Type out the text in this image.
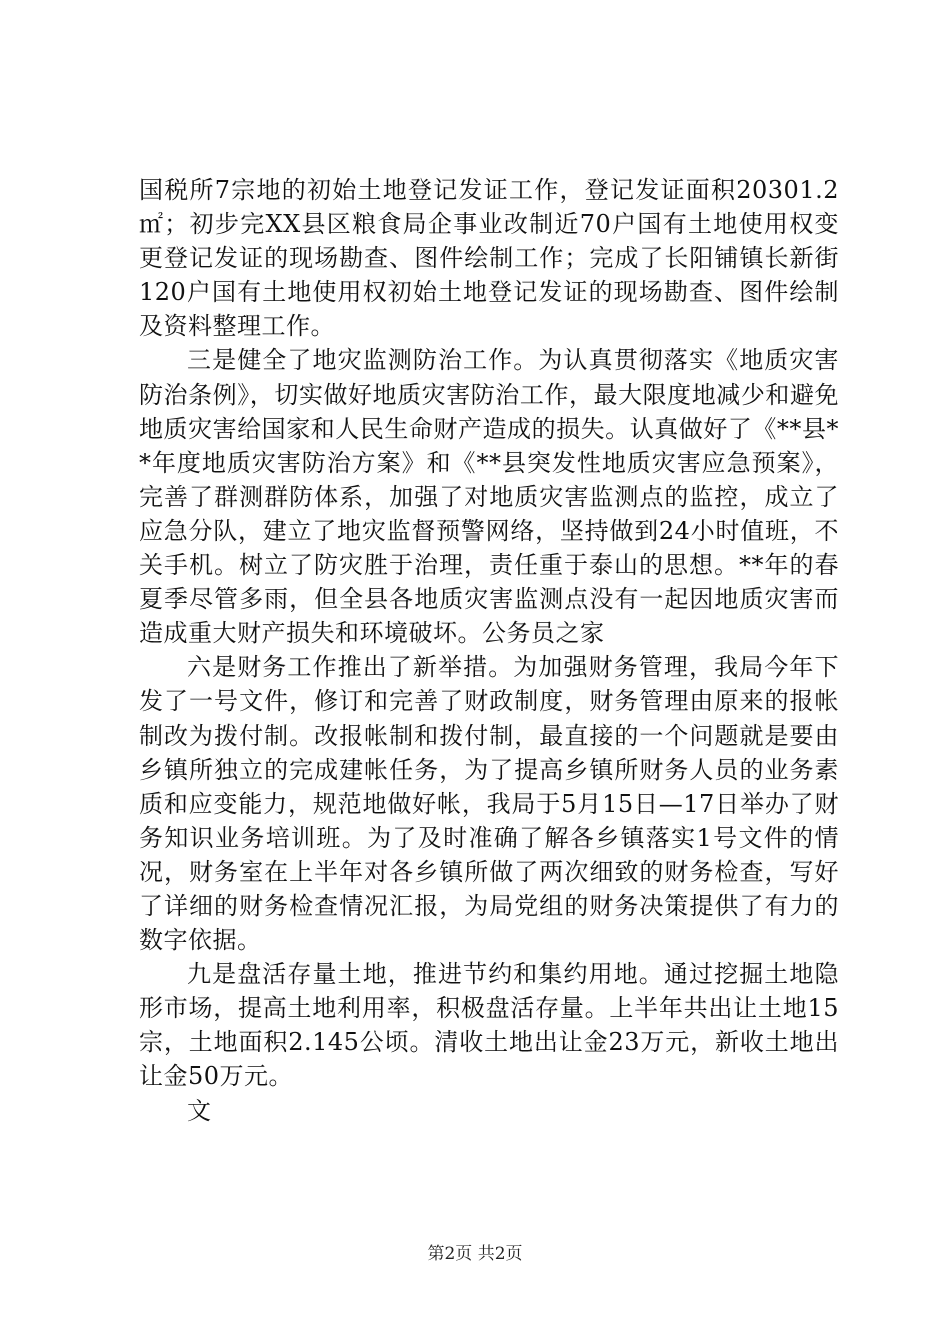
国税所7宗地的初始土地登记发证工作，登记发证面积20301.2㎡；初步完XX县区粮食局企事业改制近70户国有土地使用权变更登记发证的现场勘查、图件绘制工作；完成了长阳铺镇长新街120户国有土地使用权初始土地登记发证的现场勘查、图件绘制及资料整理工作。

三是健全了地灾监测防治工作。为认真贯彻落实《地质灾害防治条例》，切实做好地质灾害防治工作，最大限度地减少和避免地质灾害给国家和人民生命财产造成的损失。认真做好了《**县**年度地质灾害防治方案》和《**县突发性地质灾害应急预案》，完善了群测群防体系，加强了对地质灾害监测点的监控，成立了应急分队，建立了地灾监督预警网络，坚持做到24小时值班，不关手机。树立了防灾胜于治理，责任重于泰山的思想。**年的春夏季尽管多雨，但全县各地质灾害监测点没有一起因地质灾害而造成重大财产损失和环境破坏。公务员之家

六是财务工作推出了新举措。为加强财务管理，我局今年下发了一号文件，修订和完善了财政制度，财务管理由原来的报帐制改为拨付制。改报帐制和拨付制，最直接的一个问题就是要由乡镇所独立的完成建帐任务，为了提高乡镇所财务人员的业务素质和应变能力，规范地做好帐，我局于5月15日—17日举办了财务知识业务培训班。为了及时准确了解各乡镇落实1号文件的情况，财务室在上半年对各乡镇所做了两次细致的财务检查，写好了详细的财务检查情况汇报，为局党组的财务决策提供了有力的数字依据。

九是盘活存量土地，推进节约和集约用地。通过挖掘土地隐形市场，提高土地利用率，积极盘活存量。上半年共出让土地15宗，土地面积2.145公顷。清收土地出让金23万元，新收土地出让金50万元。

文

第2页 共2页
